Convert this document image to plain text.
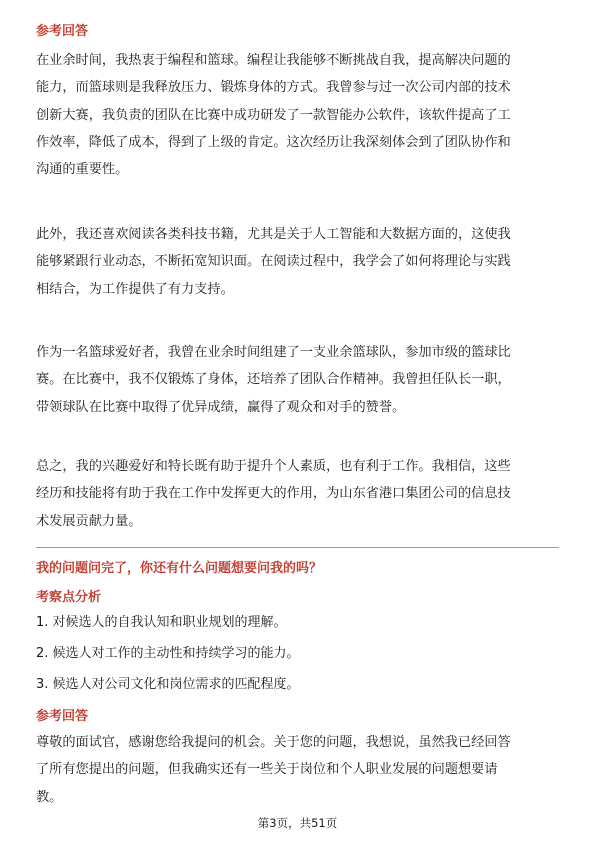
参考回答
在业余时间，我热衷于编程和篮球。编程让我能够不断挑战自我，提高解决问题的
能力，而篮球则是我释放压力、锻炼身体的方式。我曾参与过一次公司内部的技术
创新大赛，我负责的团队在比赛中成功研发了一款智能办公软件，该软件提高了工
作效率，降低了成本，得到了上级的肯定。这次经历让我深刻体会到了团队协作和
沟通的重要性。
此外，我还喜欢阅读各类科技书籍，尤其是关于人工智能和大数据方面的，这使我
能够紧跟行业动态，不断拓宽知识面。在阅读过程中，我学会了如何将理论与实践
相结合，为工作提供了有力支持。
作为一名篮球爱好者，我曾在业余时间组建了一支业余篮球队，参加市级的篮球比
赛。在比赛中，我不仅锻炼了身体，还培养了团队合作精神。我曾担任队长一职，
带领球队在比赛中取得了优异成绩，赢得了观众和对手的赞誉。
总之，我的兴趣爱好和特长既有助于提升个人素质，也有利于工作。我相信，这些
经历和技能将有助于我在工作中发挥更大的作用，为山东省港口集团公司的信息技
术发展贡献力量。
我的问题问完了，你还有什么问题想要问我的吗？
考察点分析
1. 对候选人的自我认知和职业规划的理解。
2. 候选人对工作的主动性和持续学习的能力。
3. 候选人对公司文化和岗位需求的匹配程度。
参考回答
尊敬的面试官，感谢您给我提问的机会。关于您的问题，我想说，虽然我已经回答
了所有您提出的问题，但我确实还有一些关于岗位和个人职业发展的问题想要请
教。
第3页，共51页
